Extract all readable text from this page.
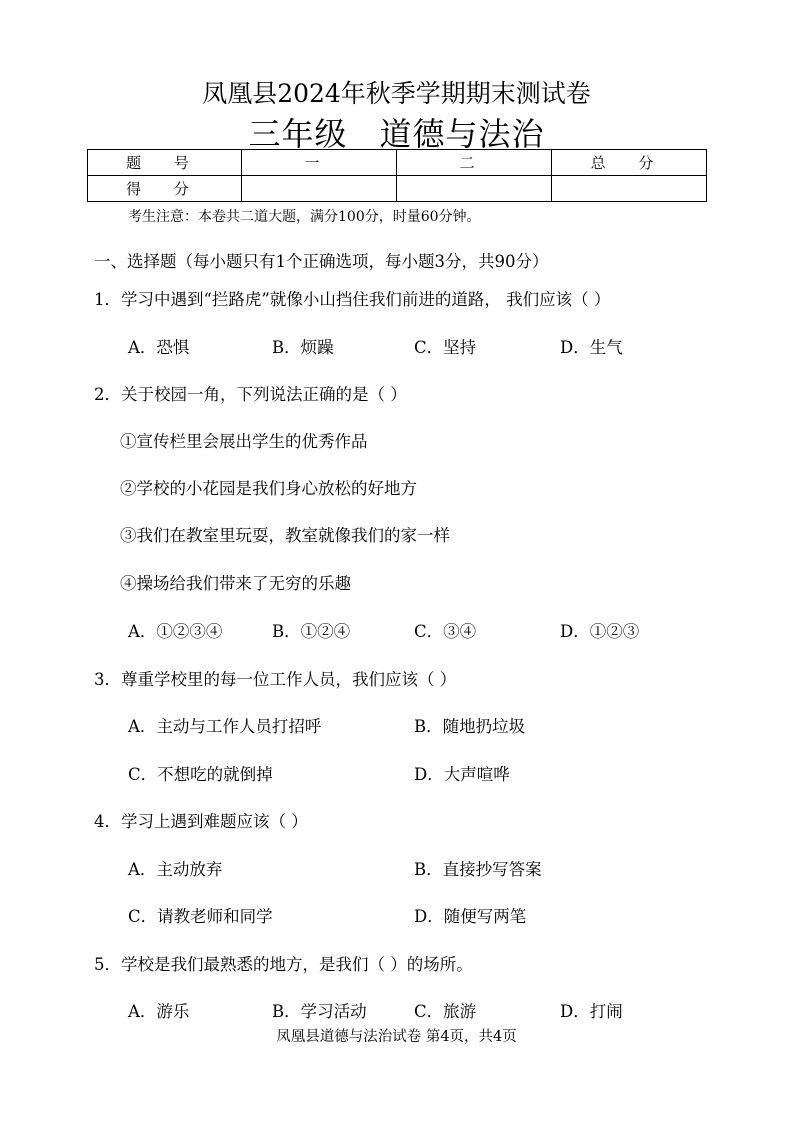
凤凰县2024年秋季学期期末测试卷
三年级 道德与法治
题 号	一	二	总 分
得 分			
考生注意：本卷共二道大题，满分100分，时量60分钟。
一、选择题（每小题只有1个正确选项，每小题3分，共90分）
1．学习中遇到“拦路虎”就像小山挡住我们前进的道路， 我们应该（ ）
A．恐惧	B．烦躁	C．坚持	D．生气
2．关于校园一角，下列说法正确的是（ ）
①宣传栏里会展出学生的优秀作品
②学校的小花园是我们身心放松的好地方
③我们在教室里玩耍，教室就像我们的家一样
④操场给我们带来了无穷的乐趣
A．①②③④	B．①②④	C．③④	D．①②③
3．尊重学校里的每一位工作人员，我们应该（ ）
A．主动与工作人员打招呼	B．随地扔垃圾
C．不想吃的就倒掉	D．大声喧哗
4．学习上遇到难题应该（ ）
A．主动放弃	B．直接抄写答案
C．请教老师和同学	D．随便写两笔
5．学校是我们最熟悉的地方，是我们（ ）的场所。
A．游乐	B．学习活动	C．旅游	D．打闹
凤凰县道德与法治试卷 第4页，共4页
